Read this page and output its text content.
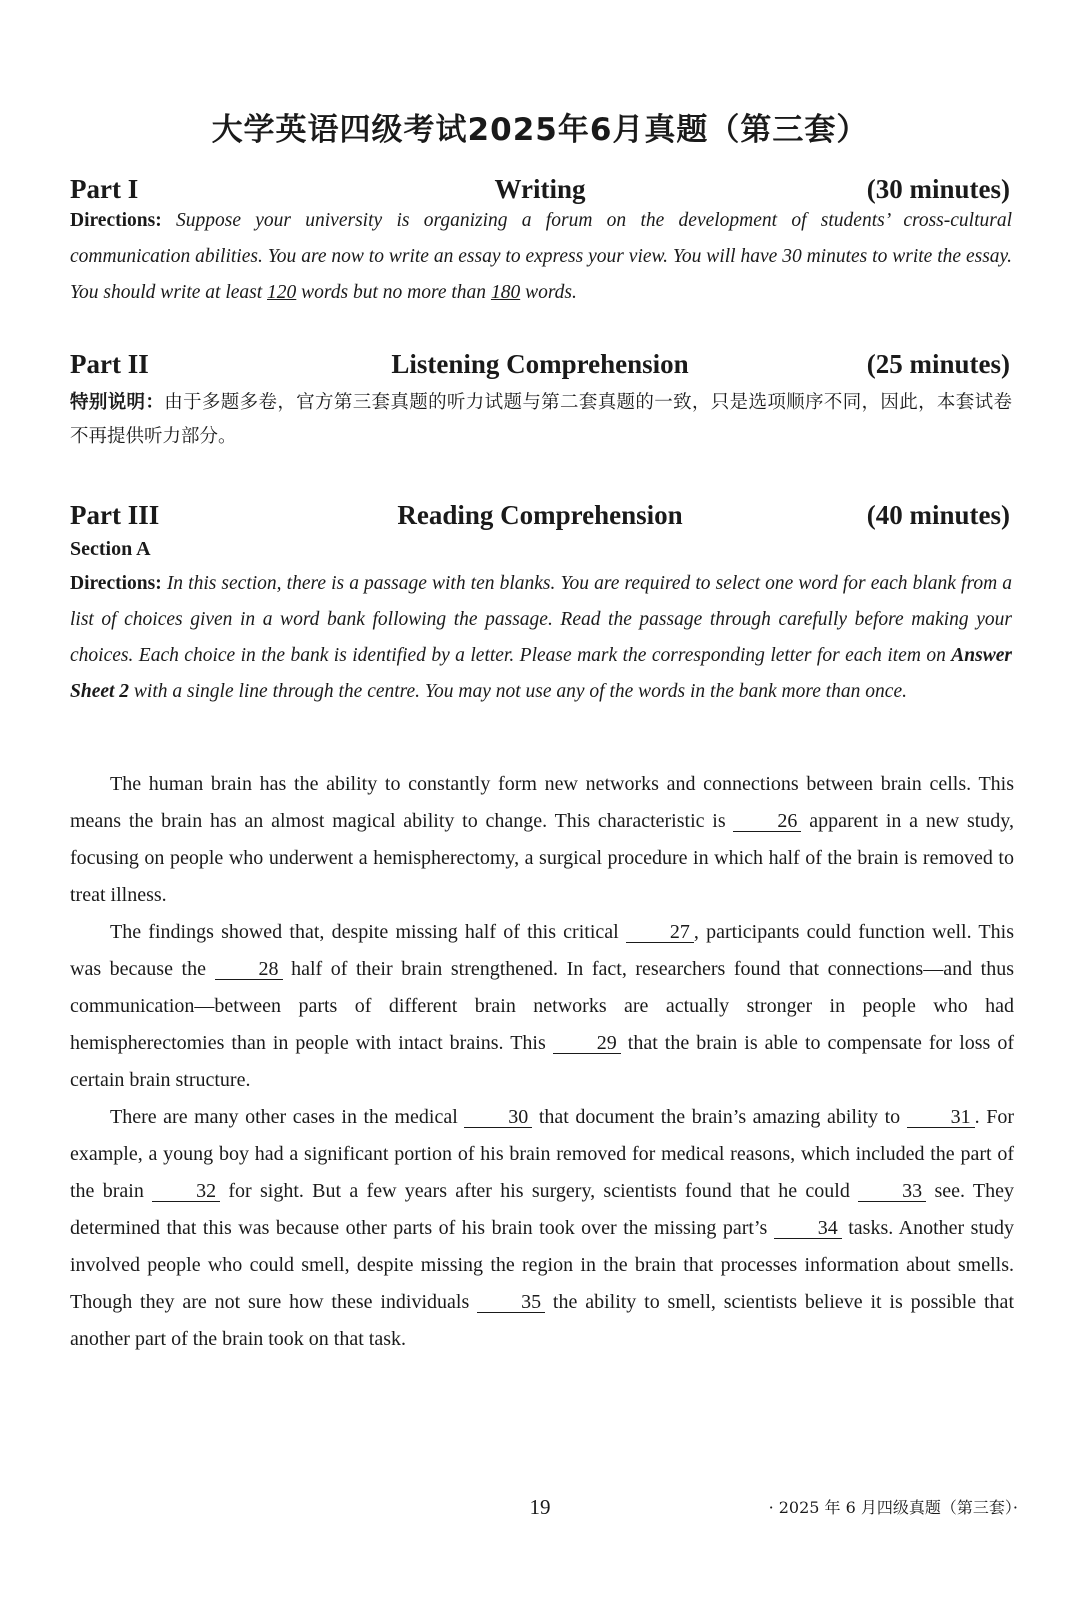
大学英语四级考试2025年6月真题（第三套）
Part I	Writing	(30 minutes)
Directions: Suppose your university is organizing a forum on the development of students’ cross-cultural communication abilities. You are now to write an essay to express your view. You will have 30 minutes to write the essay. You should write at least 120 words but no more than 180 words.
Part II	Listening Comprehension	(25 minutes)
特别说明：由于多题多卷，官方第三套真题的听力试题与第二套真题的一致，只是选项顺序不同，因此，本套试卷不再提供听力部分。
Part III	Reading Comprehension	(40 minutes)
Section A
Directions: In this section, there is a passage with ten blanks. You are required to select one word for each blank from a list of choices given in a word bank following the passage. Read the passage through carefully before making your choices. Each choice in the bank is identified by a letter. Please mark the corresponding letter for each item on Answer Sheet 2 with a single line through the centre. You may not use any of the words in the bank more than once.

The human brain has the ability to constantly form new networks and connections between brain cells. This means the brain has an almost magical ability to change. This characteristic is 26 apparent in a new study, focusing on people who underwent a hemispherectomy, a surgical procedure in which half of the brain is removed to treat illness.

The findings showed that, despite missing half of this critical 27 , participants could function well. This was because the 28 half of their brain strengthened. In fact, researchers found that connections—and thus communication—between parts of different brain networks are actually stronger in people who had hemispherectomies than in people with intact brains. This 29 that the brain is able to compensate for loss of certain brain structure.

There are many other cases in the medical 30 that document the brain’s amazing ability to 31 . For example, a young boy had a significant portion of his brain removed for medical reasons, which included the part of the brain 32 for sight. But a few years after his surgery, scientists found that he could 33 see. They determined that this was because other parts of his brain took over the missing part’s 34 tasks. Another study involved people who could smell, despite missing the region in the brain that processes information about smells. Though they are not sure how these individuals 35 the ability to smell, scientists believe it is possible that another part of the brain took on that task.

19	· 2025 年 6 月四级真题（第三套）·
